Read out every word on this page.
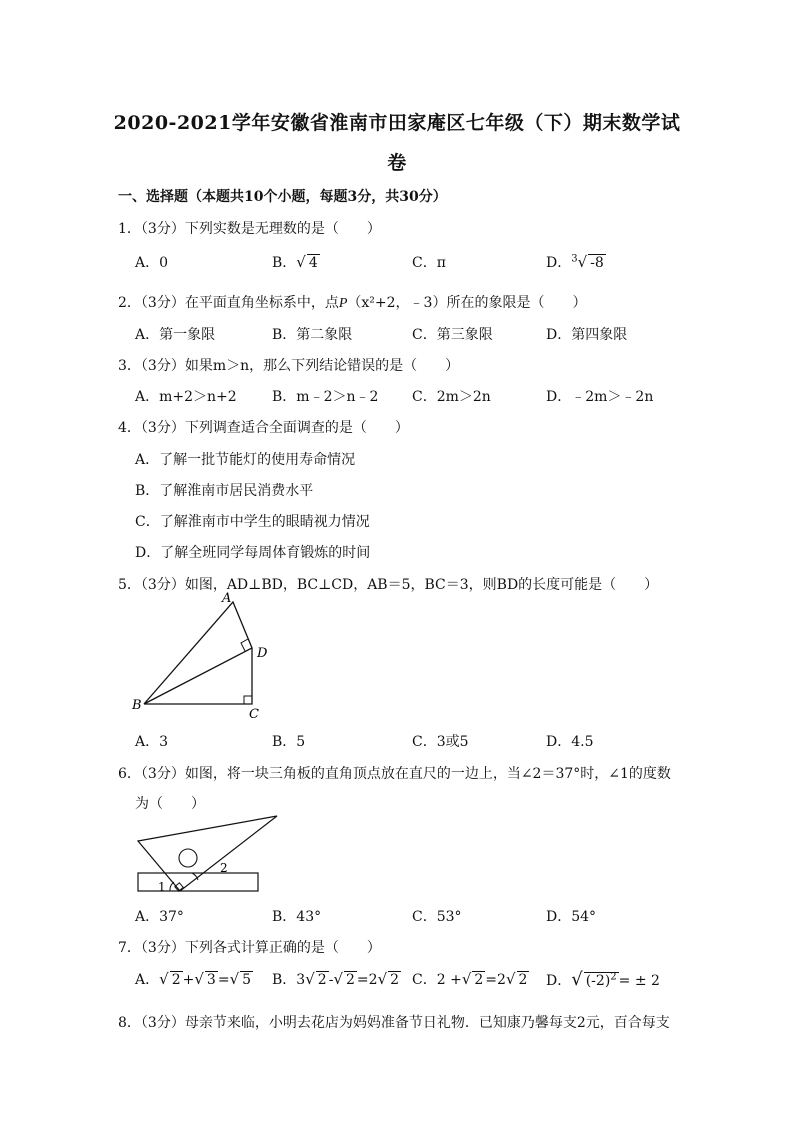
2020-2021学年安徽省淮南市田家庵区七年级（下）期末数学试
卷
一、选择题（本题共10个小题，每题3分，共30分）
1．（3分）下列实数是无理数的是（　　）
A．0	B．√ 4	C．π	D．$^3$√ -8
2．（3分）在平面直角坐标系中，点P（x²+2，﹣3）所在的象限是（　　）
A．第一象限	B．第二象限	C．第三象限	D．第四象限
3．（3分）如果m＞n，那么下列结论错误的是（　　）
A．m+2＞n+2	B．m﹣2＞n﹣2 C．2m＞2n	D．﹣2m＞﹣2n
4．（3分）下列调查适合全面调查的是（　　）
A．了解一批节能灯的使用寿命情况
B．了解淮南市居民消费水平
C．了解淮南市中学生的眼睛视力情况
D．了解全班同学每周体育锻炼的时间
5．（3分）如图，AD⊥BD，BC⊥CD，AB＝5，BC＝3，则BD的长度可能是（　　）
A
D
B
C
A．3	B．5	C．3或5	D．4.5
6．（3分）如图，将一块三角板的直角顶点放在直尺的一边上，当∠2＝37°时，∠1的度数
为（　　）
1
2
A．37°	B．43°	C．53°	D．54°
7．（3分）下列各式计算正确的是（　　）
A．√ 2 +√ 3 =√ 5 B．3√ 2 -√ 2 =2√ 2 C．2 +√ 2 =2√ 2 D．√ $(-2)^2$ = ± 2
8．（3分）母亲节来临，小明去花店为妈妈准备节日礼物．已知康乃馨每支2元，百合每支
